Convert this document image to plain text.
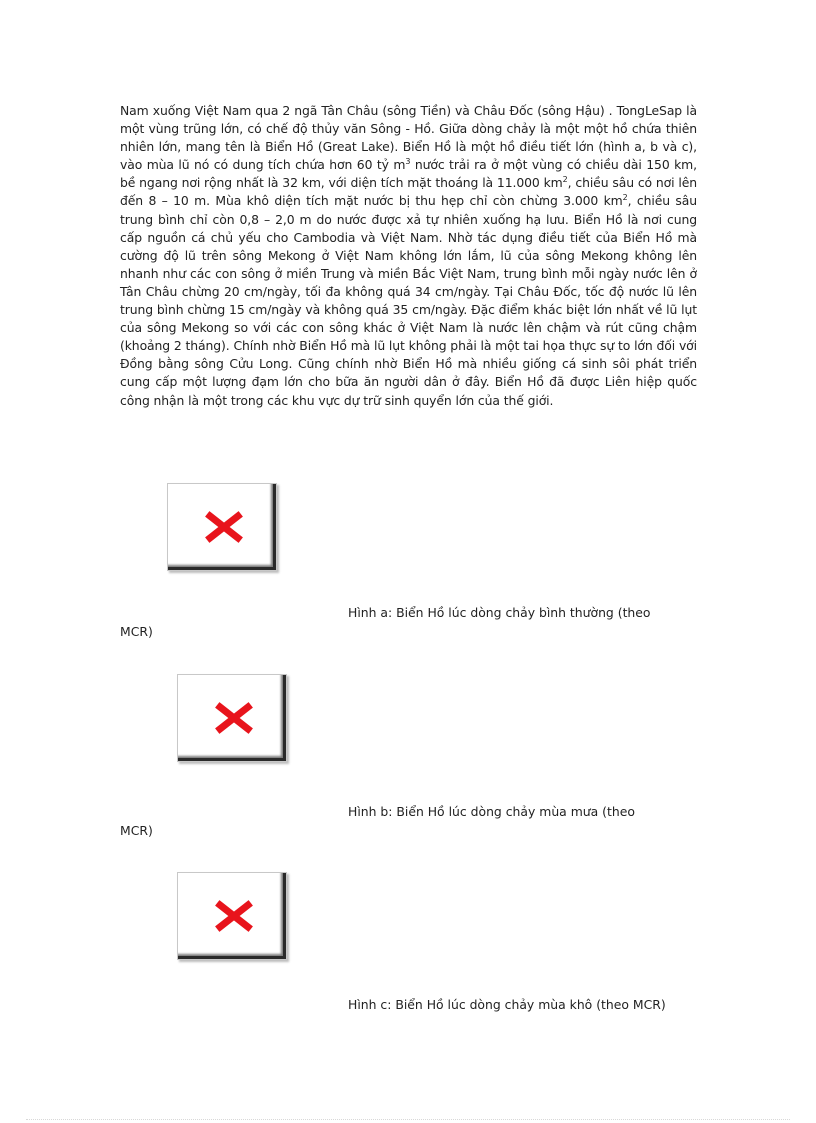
Nam xuống Việt Nam qua 2 ngã Tân Châu (sông Tiền) và Châu Đốc (sông Hậu) . TongLeSap là một vùng trũng lớn, có chế độ thủy văn Sông - Hồ. Giữa dòng chảy là một một hồ chứa thiên nhiên lớn, mang tên là Biển Hồ (Great Lake). Biển Hồ là một hồ điều tiết lớn (hình a, b và c), vào mùa lũ nó có dung tích chứa hơn 60 tỷ $m^3$ nước trải ra ở một vùng có chiều dài 150 km, bề ngang nơi rộng nhất là 32 km, với diện tích mặt thoáng là 11.000 $km^2$, chiều sâu có nơi lên đến 8 – 10 m. Mùa khô diện tích mặt nước bị thu hẹp chỉ còn chừng 3.000 $km^2$, chiều sâu trung bình chỉ còn 0,8 – 2,0 m do nước được xả tự nhiên xuống hạ lưu. Biển Hồ là nơi cung cấp nguồn cá chủ yếu cho Cambodia và Việt Nam. Nhờ tác dụng điều tiết của Biển Hồ mà cường độ lũ trên sông Mekong ở Việt Nam không lớn lắm, lũ của sông Mekong không lên nhanh như các con sông ở miền Trung và miền Bắc Việt Nam, trung bình mỗi ngày nước lên ở Tân Châu chừng 20 cm/ngày, tối đa không quá 34 cm/ngày. Tại Châu Đốc, tốc độ nước lũ lên trung bình chừng 15 cm/ngày và không quá 35 cm/ngày. Đặc điểm khác biệt lớn nhất về lũ lụt của sông Mekong so với các con sông khác ở Việt Nam là nước lên chậm và rút cũng chậm (khoảng 2 tháng). Chính nhờ Biển Hồ mà lũ lụt không phải là một tai họa thực sự to lớn đối với Đồng bằng sông Cửu Long. Cũng chính nhờ Biển Hồ mà nhiều giống cá sinh sôi phát triển cung cấp một lượng đạm lớn cho bữa ăn người dân ở đây. Biển Hồ đã được Liên hiệp quốc công nhận là một trong các khu vực dự trữ sinh quyển lớn của thế giới.
Hình a: Biển Hồ lúc dòng chảy bình thường (theo
MCR)
Hình b: Biển Hồ lúc dòng chảy mùa mưa (theo
MCR)
Hình c: Biển Hồ lúc dòng chảy mùa khô (theo MCR)
